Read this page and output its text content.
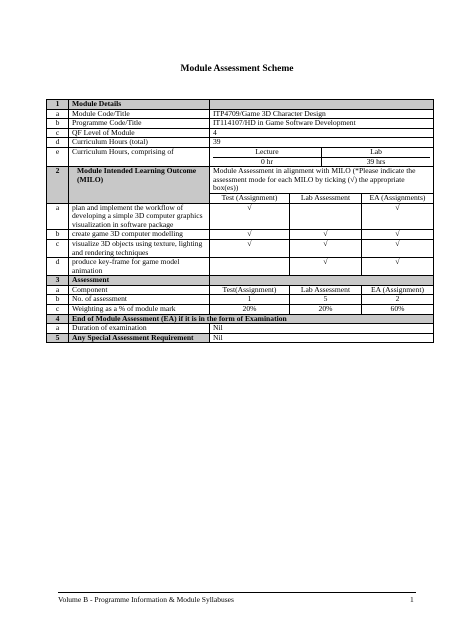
Module Assessment Scheme
1	Module Details	
a	Module Code/Title	ITP4709/Game 3D Character Design
b	Programme Code/Title	IT114107/HD in Game Software Development
c	QF Level of Module	4
d	Curriculum Hours (total)	39
e	Curriculum Hours, comprising of		Lecture	Lab
0 hr	39 hrs

2	Module Intended Learning Outcome (MILO)	Module Assessment in alignment with MILO (*Please indicate the assessment mode for each MILO by ticking (√) the appropriate box(es))
Test (Assignment)	Lab Assessment	EA (Assignments)
a	plan and implement the workflow of developing a simple 3D computer graphics visualization in software package	√		√
b	create game 3D computer modelling	√	√	√
c	visualize 3D objects using texture, lighting and rendering techniques	√	√	√
d	produce key-frame for game model animation		√	√
3	Assessment	
a	Component	Test(Assignment)	Lab Assessment	EA (Assignment)
b	No. of assessment	1	5	2
c	Weighting as a % of module mark	20%	20%	60%
4	End of Module Assessment (EA) if it is in the form of Examination
a	Duration of examination	Nil
5	Any Special Assessment Requirement	Nil
Volume B - Programme Information & Module Syllabuses	1
